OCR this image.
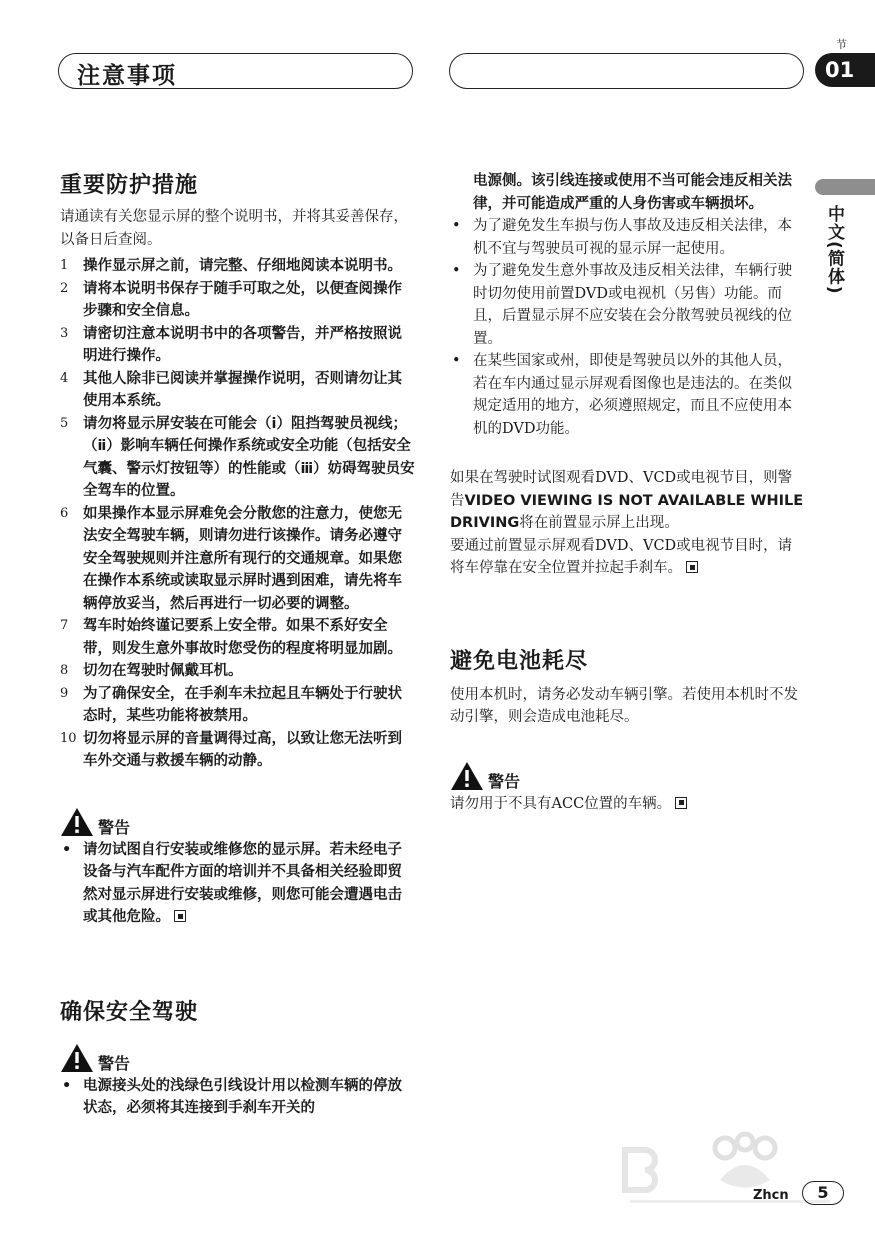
注意事项
节
01
中文(简体)
重要防护措施

请通读有关您显示屏的整个说明书，并将其妥善保存，以备日后查阅。

1 操作显示屏之前，请完整、仔细地阅读本说明书。
2 请将本说明书保存于随手可取之处，以便查阅操作步骤和安全信息。
3 请密切注意本说明书中的各项警告，并严格按照说明进行操作。
4 其他人除非已阅读并掌握操作说明，否则请勿让其使用本系统。
5 请勿将显示屏安装在可能会（ⅰ）阻挡驾驶员视线；（ⅱ）影响车辆任何操作系统或安全功能（包括安全气囊、警示灯按钮等）的性能或（ⅲ）妨碍驾驶员安全驾车的位置。
6 如果操作本显示屏难免会分散您的注意力，使您无法安全驾驶车辆，则请勿进行该操作。请务必遵守安全驾驶规则并注意所有现行的交通规章。如果您在操作本系统或读取显示屏时遇到困难，请先将车辆停放妥当，然后再进行一切必要的调整。
7 驾车时始终谨记要系上安全带。如果不系好安全带，则发生意外事故时您受伤的程度将明显加剧。
8 切勿在驾驶时佩戴耳机。
9 为了确保安全，在手刹车未拉起且车辆处于行驶状态时，某些功能将被禁用。
10 切勿将显示屏的音量调得过高，以致让您无法听到车外交通与救援车辆的动静。
警告
• 请勿试图自行安装或维修您的显示屏。若未经电子设备与汽车配件方面的培训并不具备相关经验即贸然对显示屏进行安装或维修，则您可能会遭遇电击或其他危险。
确保安全驾驶
警告
• 电源接头处的浅绿色引线设计用以检测车辆的停放状态，必须将其连接到手刹车开关的

电源侧。该引线连接或使用不当可能会违反相关法律，并可能造成严重的人身伤害或车辆损坏。

• 为了避免发生车损与伤人事故及违反相关法律，本机不宜与驾驶员可视的显示屏一起使用。
• 为了避免发生意外事故及违反相关法律，车辆行驶时切勿使用前置DVD或电视机（另售）功能。而且，后置显示屏不应安装在会分散驾驶员视线的位置。
• 在某些国家或州，即使是驾驶员以外的其他人员，若在车内通过显示屏观看图像也是违法的。在类似规定适用的地方，必须遵照规定，而且不应使用本机的DVD功能。

如果在驾驶时试图观看DVD、VCD或电视节目，则警告VIDEO VIEWING IS NOT AVAILABLE WHILE DRIVING将在前置显示屏上出现。

要通过前置显示屏观看DVD、VCD或电视节目时，请将车停靠在安全位置并拉起手刹车。

避免电池耗尽

使用本机时，请务必发动车辆引擎。若使用本机时不发动引擎，则会造成电池耗尽。

警告

请勿用于不具有ACC位置的车辆。

Zhcn	5
